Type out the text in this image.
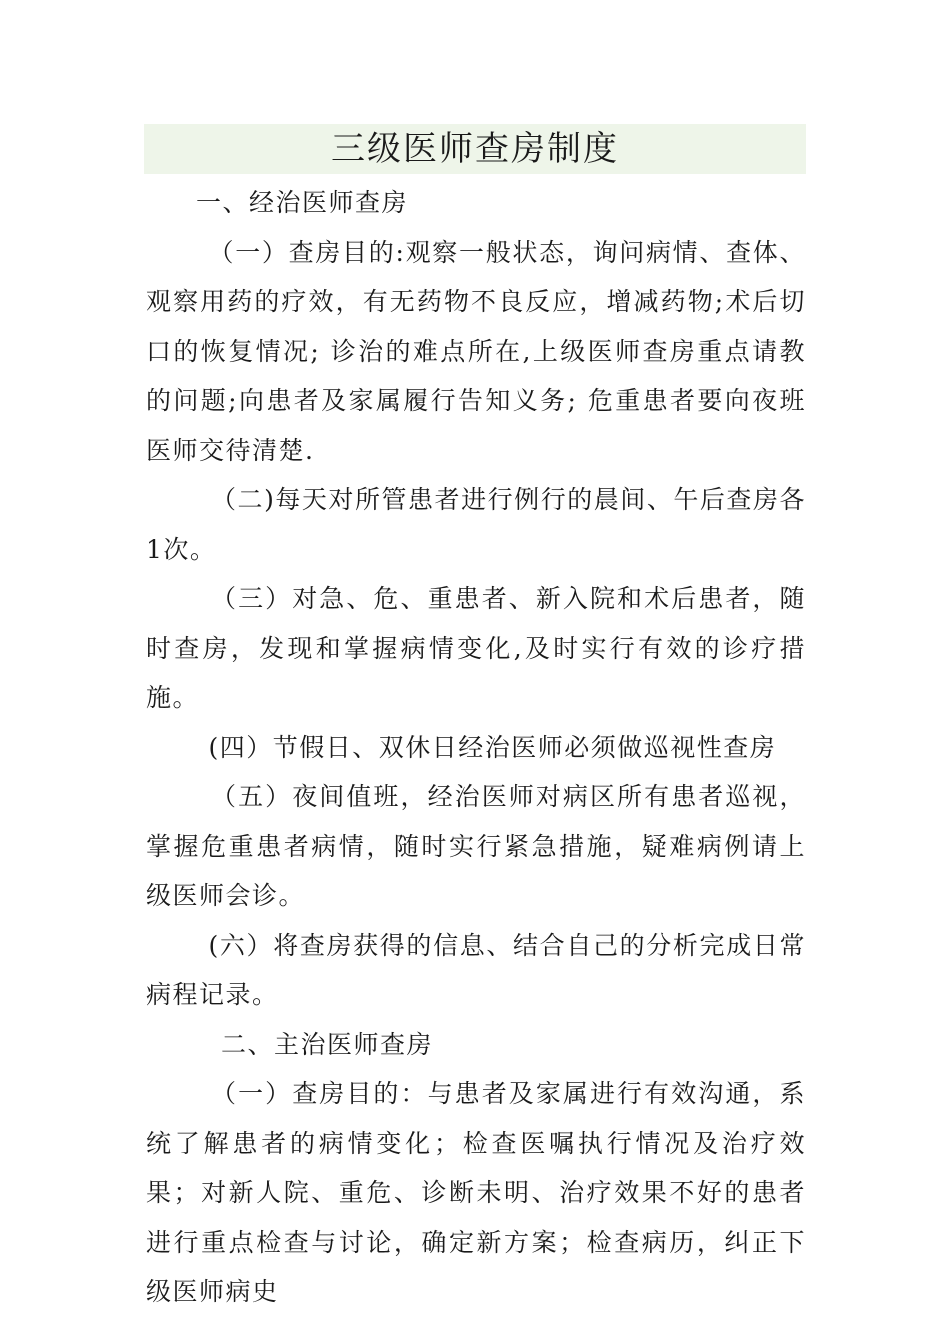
三级医师查房制度

一、经治医师查房

（一）查房目的:观察一般状态，询问病情、查体、观察用药的疗效，有无药物不良反应，增减药物;术后切口的恢复情况; 诊治的难点所在,上级医师查房重点请教的问题;向患者及家属履行告知义务; 危重患者要向夜班医师交待清楚.

（二)每天对所管患者进行例行的晨间、午后查房各1次。

（三）对急、危、重患者、新入院和术后患者，随时查房，发现和掌握病情变化,及时实行有效的诊疗措施。

(四）节假日、双休日经治医师必须做巡视性查房

（五）夜间值班，经治医师对病区所有患者巡视，掌握危重患者病情，随时实行紧急措施，疑难病例请上级医师会诊。

(六）将查房获得的信息、结合自己的分析完成日常病程记录。

二、主治医师查房

（一）查房目的：与患者及家属进行有效沟通，系统了解患者的病情变化；检查医嘱执行情况及治疗效果；对新人院、重危、诊断未明、治疗效果不好的患者进行重点检查与讨论，确定新方案；检查病历，纠正下级医师病史
